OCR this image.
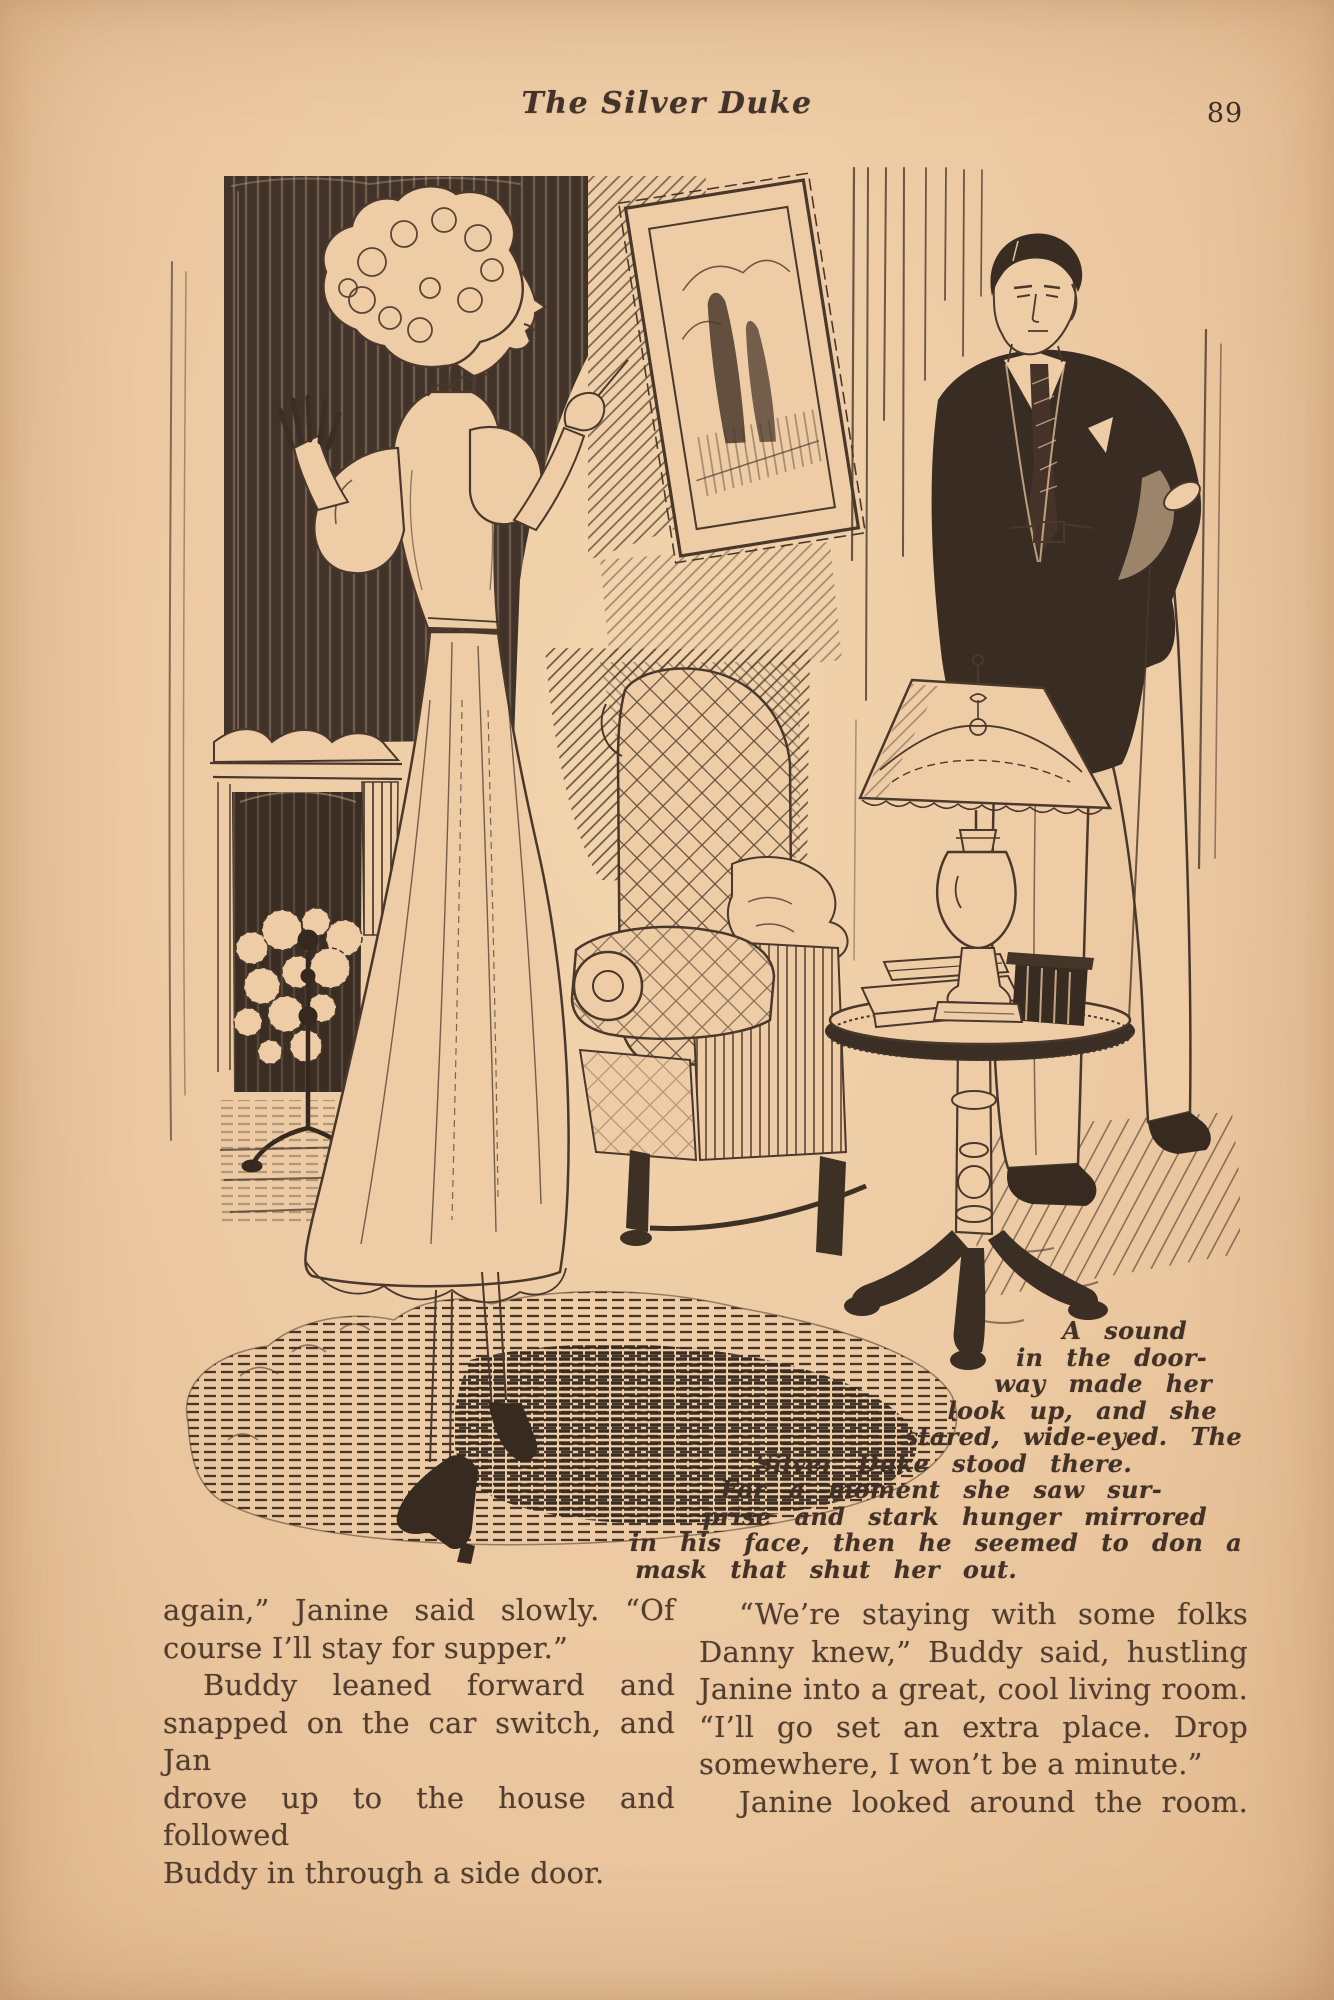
The Silver Duke	89
A sound
in the door-
way made her
look up, and she
stared, wide-eyed. The
Silver Duke stood there.
For a moment she saw sur-
prise and stark hunger mirrored
in his face, then he seemed to don a
mask that shut her out.
again,” Janine said slowly. “Of
course I’ll stay for supper.”
Buddy leaned forward and
snapped on the car switch, and Jan
drove up to the house and followed
Buddy in through a side door.
“We’re staying with some folks
Danny knew,” Buddy said, hustling
Janine into a great, cool living room.
“I’ll go set an extra place. Drop
somewhere, I won’t be a minute.”
Janine looked around the room.
